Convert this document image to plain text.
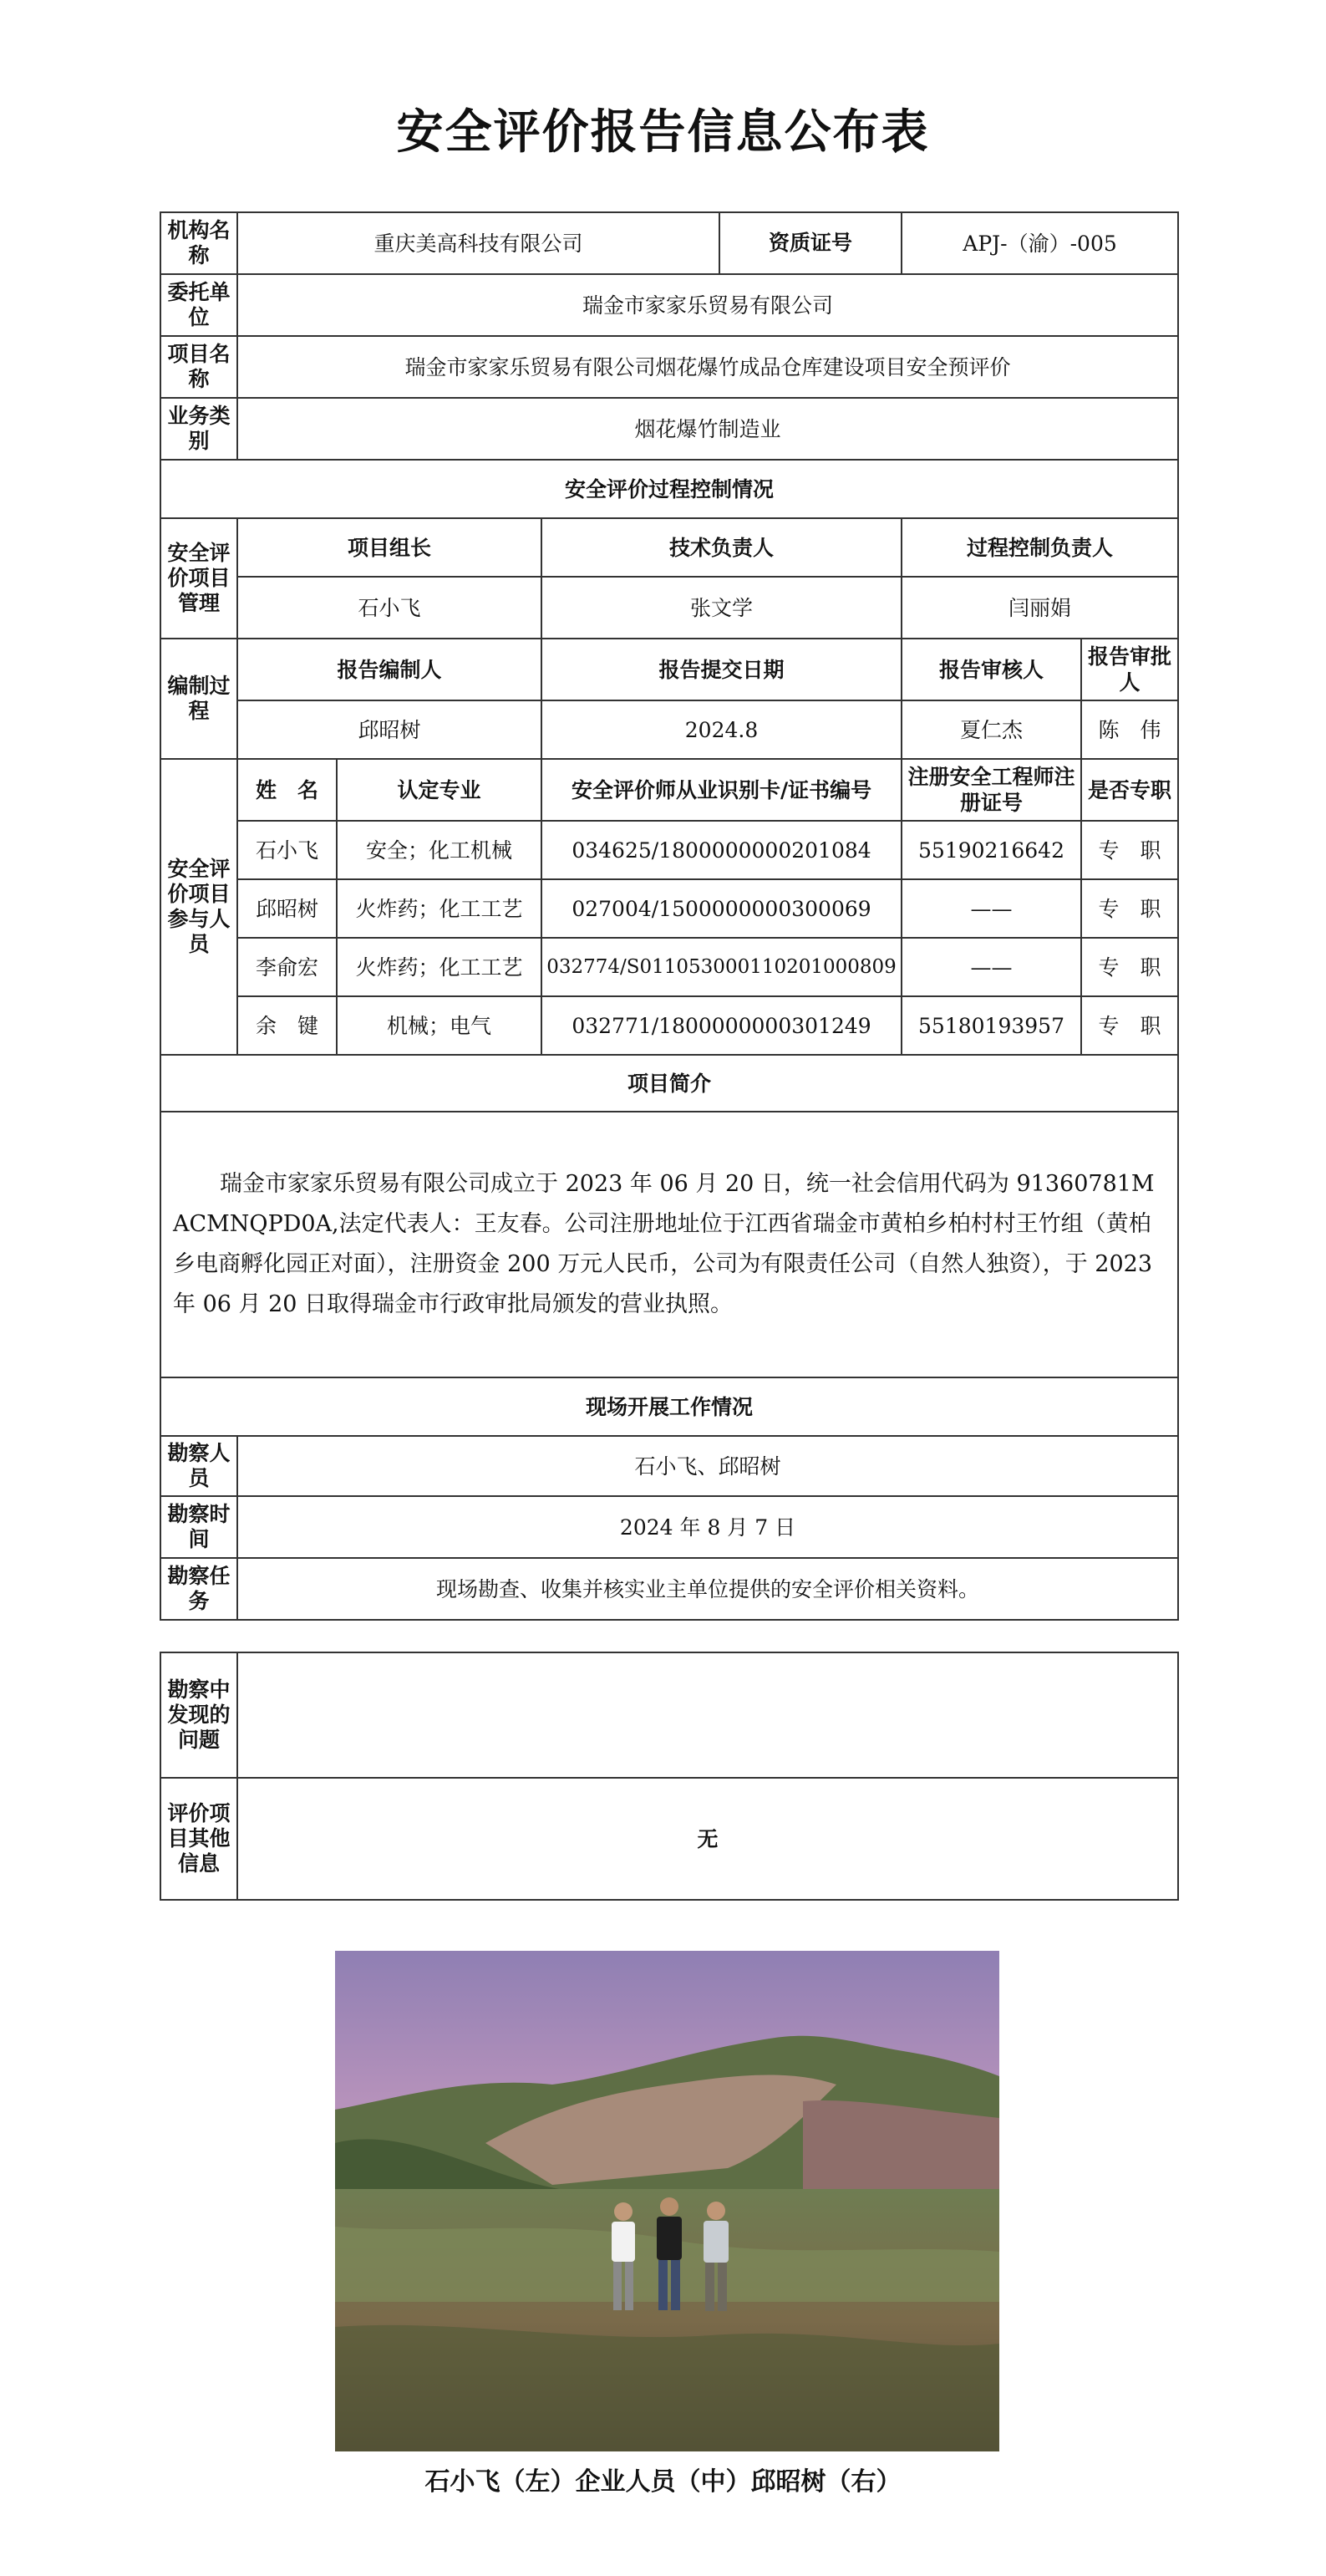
安全评价报告信息公布表
机构名称	重庆美高科技有限公司			资质证号	APJ-（渝）-005	
委托单位	瑞金市家家乐贸易有限公司					
项目名称	瑞金市家家乐贸易有限公司烟花爆竹成品仓库建设项目安全预评价					
业务类别	烟花爆竹制造业					
安全评价过程控制情况						
安全评价项目管理	项目组长		技术负责人		过程控制负责人	
	石小飞		张文学		闫丽娟	
编制过程	报告编制人		报告提交日期		报告审核人	报告审批人
	邱昭树		2024.8		夏仁杰	陈　伟
安全评价项目参与人员	姓　名	认定专业	安全评价师从业识别卡/证书编号		注册安全工程师注册证号	是否专职
	石小飞	安全；化工机械	034625/1800000000201084		55190216642	专　职
	邱昭树	火炸药；化工工艺	027004/1500000000300069		——	专　职
	李俞宏	火炸药；化工工艺	032774/S011053000110201000809		——	专　职
	余　键	机械；电气	032771/1800000000301249		55180193957	专　职
项目简介						

瑞金市家家乐贸易有限公司成立于 2023 年 06 月 20 日，统一社会信用代码为 91360781MACMNQPD0A,法定代表人：王友春。公司注册地址位于江西省瑞金市黄柏乡柏村村王竹组（黄柏乡电商孵化园正对面），注册资金 200 万元人民币，公司为有限责任公司（自然人独资），于 2023 年 06 月 20 日取得瑞金市行政审批局颁发的营业执照。						

现场开展工作情况						
勘察人员	石小飞、邱昭树					
勘察时间	2024 年 8 月 7 日					
勘察任务	现场勘查、收集并核实业主单位提供的安全评价相关资料。					
勘察中发现的问题	
评价项目其他信息	无
石小飞（左）企业人员（中）邱昭树（右）
